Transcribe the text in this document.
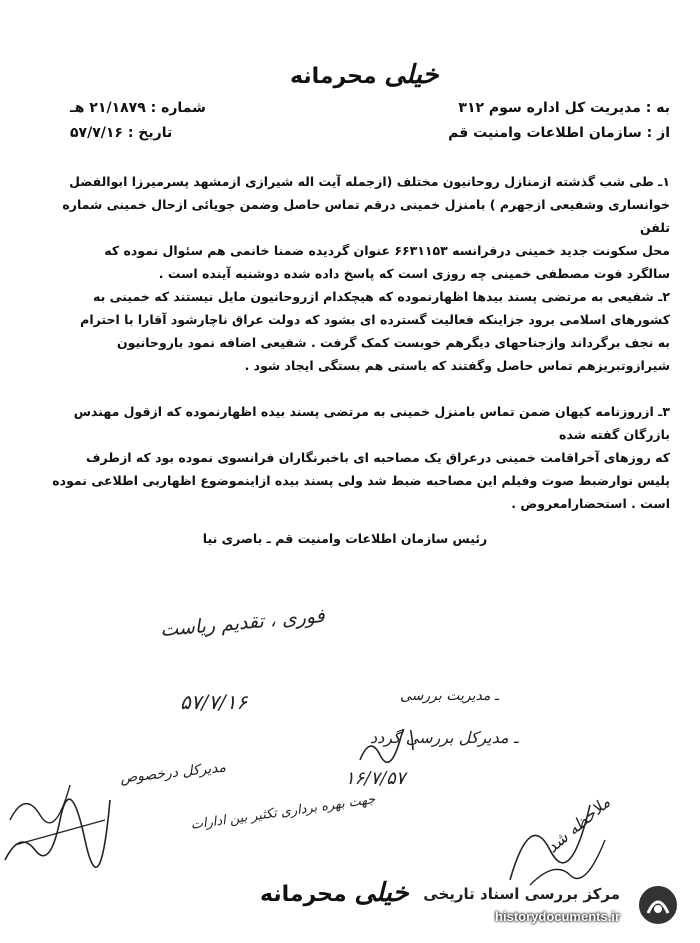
خیلی محرمانه
به : مدیریت کل اداره سوم ۳۱۲
از : سازمان اطلاعات وامنیت قم
شماره : ۲۱/۱۸۷۹ هـ
تاریخ : ۵۷/۷/۱۶

۱ـ طی شب گذشته ازمنازل روحانیون مختلف (ازجمله آیت اله شیرازی ازمشهد پسرمیرزا ابوالفضل

خوانساری وشفیعی ازجهرم ) بامنزل خمینی درقم تماس حاصل وضمن جویائی ازحال خمینی شماره تلفن

محل سکونت جدید خمینی درفرانسه ۶۶۳۱۱۵۳ عنوان گردیده ضمنا خانمی هم سئوال نموده که

سالگرد فوت مصطفی خمینی چه روزی است که پاسخ داده شده دوشنبه آینده است .

۲ـ شفیعی به مرتضی پسند بیدها اظهارنموده که هیچکدام ازروحانیون مایل نیستند که خمینی به

کشورهای اسلامی برود جزاینکه فعالیت گسترده ای بشود که دولت عراق ناچارشود آقارا با احترام

به نجف برگرداند وازجناحهای دیگرهم خوبست کمک گرفت . شفیعی اضافه نمود باروحانیون

شیرازوتبریزهم تماس حاصل وگفتند که باستی هم بستگی ایجاد شود .

۳ـ ازروزنامه کیهان ضمن تماس بامنزل خمینی به مرتضی پسند بیده اظهارنموده که ازقول مهندس بازرگان گفته شده

که روزهای آخراقامت خمینی درعراق یک مصاحبه ای باخبرنگاران فرانسوی نموده بود که ازطرف

پلیس نوارضبط صوت وفیلم این مصاحبه ضبط شد ولی پسند بیده ازاینموضوع اظهاربی اطلاعی نموده

است . استحضارامعروض .

رئیس سازمان اطلاعات وامنیت قم ـ باصری نیا
فوری ، تقدیم ریاست
۵۷/۷/۱۶	ـ مدیریت بررسی
ـ مدیرکل بررسی گردد
۱۶/۷/۵۷
مدیرکل درخصوص
جهت بهره برداری تکثیر بین ادارات	ملاحظه شد
خیلی محرمانه	مرکز بررسی اسناد تاریخی
historydocuments.ir
